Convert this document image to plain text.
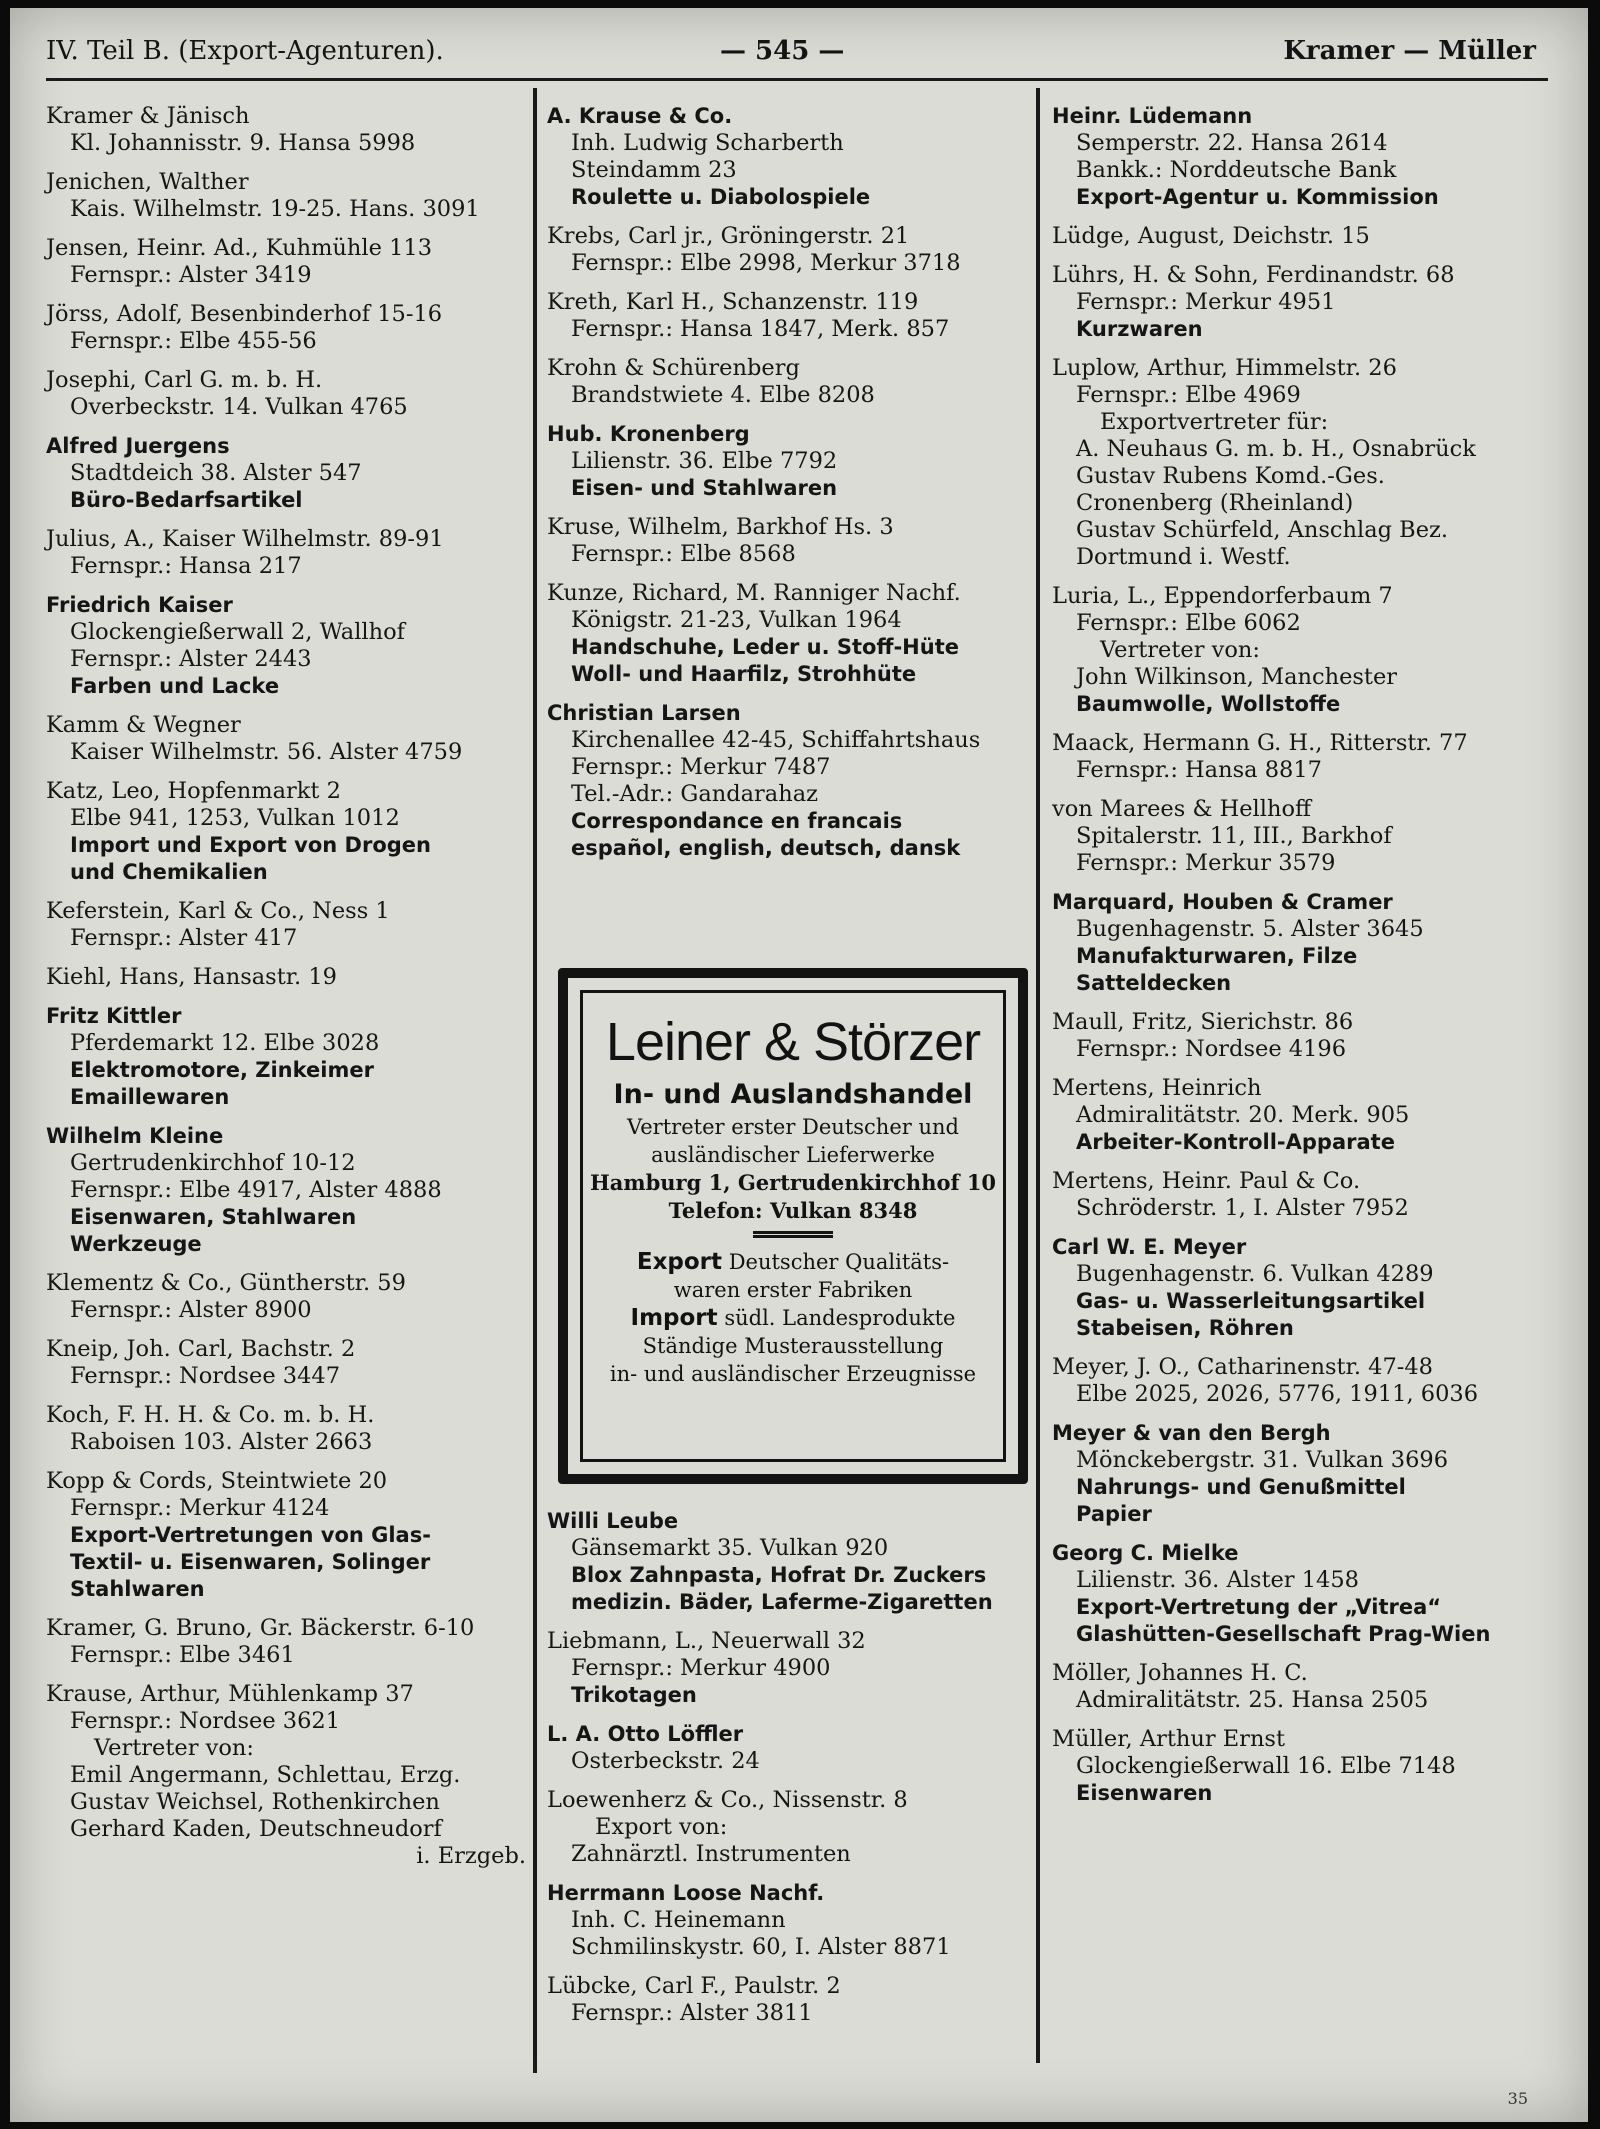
IV. Teil B. (Export-Agenturen).	— 545 —	Kramer — Müller
Kramer & Jänisch
Kl. Johannisstr. 9. Hansa 5998
Jenichen, Walther
Kais. Wilhelmstr. 19-25. Hans. 3091
Jensen, Heinr. Ad., Kuhmühle 113
Fernspr.: Alster 3419
Jörss, Adolf, Besenbinderhof 15-16
Fernspr.: Elbe 455-56
Josephi, Carl G. m. b. H.
Overbeckstr. 14. Vulkan 4765
Alfred Juergens
Stadtdeich 38. Alster 547
Büro-Bedarfsartikel
Julius, A., Kaiser Wilhelmstr. 89-91
Fernspr.: Hansa 217
Friedrich Kaiser
Glockengießerwall 2, Wallhof
Fernspr.: Alster 2443
Farben und Lacke
Kamm & Wegner
Kaiser Wilhelmstr. 56. Alster 4759
Katz, Leo, Hopfenmarkt 2
Elbe 941, 1253, Vulkan 1012
Import und Export von Drogen
und Chemikalien
Keferstein, Karl & Co., Ness 1
Fernspr.: Alster 417
Kiehl, Hans, Hansastr. 19
Fritz Kittler
Pferdemarkt 12. Elbe 3028
Elektromotore, Zinkeimer
Emaillewaren
Wilhelm Kleine
Gertrudenkirchhof 10-12
Fernspr.: Elbe 4917, Alster 4888
Eisenwaren, Stahlwaren
Werkzeuge
Klementz & Co., Güntherstr. 59
Fernspr.: Alster 8900
Kneip, Joh. Carl, Bachstr. 2
Fernspr.: Nordsee 3447
Koch, F. H. H. & Co. m. b. H.
Raboisen 103. Alster 2663
Kopp & Cords, Steintwiete 20
Fernspr.: Merkur 4124
Export-Vertretungen von Glas-
Textil- u. Eisenwaren, Solinger
Stahlwaren
Kramer, G. Bruno, Gr. Bäckerstr. 6-10
Fernspr.: Elbe 3461
Krause, Arthur, Mühlenkamp 37
Fernspr.: Nordsee 3621
Vertreter von:
Emil Angermann, Schlettau, Erzg.
Gustav Weichsel, Rothenkirchen
Gerhard Kaden, Deutschneudorf
i. Erzgeb.
A. Krause & Co.
Inh. Ludwig Scharberth
Steindamm 23
Roulette u. Diabolospiele
Krebs, Carl jr., Gröningerstr. 21
Fernspr.: Elbe 2998, Merkur 3718
Kreth, Karl H., Schanzenstr. 119
Fernspr.: Hansa 1847, Merk. 857
Krohn & Schürenberg
Brandstwiete 4. Elbe 8208
Hub. Kronenberg
Lilienstr. 36. Elbe 7792
Eisen- und Stahlwaren
Kruse, Wilhelm, Barkhof Hs. 3
Fernspr.: Elbe 8568
Kunze, Richard, M. Ranniger Nachf.
Königstr. 21-23, Vulkan 1964
Handschuhe, Leder u. Stoff-Hüte
Woll- und Haarfilz, Strohhüte
Christian Larsen
Kirchenallee 42-45, Schiffahrtshaus
Fernspr.: Merkur 7487
Tel.-Adr.: Gandarahaz
Correspondance en francais
español, english, deutsch, dansk
Willi Leube
Gänsemarkt 35. Vulkan 920
Blox Zahnpasta, Hofrat Dr. Zuckers
medizin. Bäder, Laferme-Zigaretten
Liebmann, L., Neuerwall 32
Fernspr.: Merkur 4900
Trikotagen
L. A. Otto Löffler
Osterbeckstr. 24
Loewenherz & Co., Nissenstr. 8
Export von:
Zahnärztl. Instrumenten
Herrmann Loose Nachf.
Inh. C. Heinemann
Schmilinskystr. 60, I. Alster 8871
Lübcke, Carl F., Paulstr. 2
Fernspr.: Alster 3811
Heinr. Lüdemann
Semperstr. 22. Hansa 2614
Bankk.: Norddeutsche Bank
Export-Agentur u. Kommission
Lüdge, August, Deichstr. 15
Lührs, H. & Sohn, Ferdinandstr. 68
Fernspr.: Merkur 4951
Kurzwaren
Luplow, Arthur, Himmelstr. 26
Fernspr.: Elbe 4969
Exportvertreter für:
A. Neuhaus G. m. b. H., Osnabrück
Gustav Rubens Komd.-Ges.
Cronenberg (Rheinland)
Gustav Schürfeld, Anschlag Bez.
Dortmund i. Westf.
Luria, L., Eppendorferbaum 7
Fernspr.: Elbe 6062
Vertreter von:
John Wilkinson, Manchester
Baumwolle, Wollstoffe
Maack, Hermann G. H., Ritterstr. 77
Fernspr.: Hansa 8817
von Marees & Hellhoff
Spitalerstr. 11, III., Barkhof
Fernspr.: Merkur 3579
Marquard, Houben & Cramer
Bugenhagenstr. 5. Alster 3645
Manufakturwaren, Filze
Satteldecken
Maull, Fritz, Sierichstr. 86
Fernspr.: Nordsee 4196
Mertens, Heinrich
Admiralitätstr. 20. Merk. 905
Arbeiter-Kontroll-Apparate
Mertens, Heinr. Paul & Co.
Schröderstr. 1, I. Alster 7952
Carl W. E. Meyer
Bugenhagenstr. 6. Vulkan 4289
Gas- u. Wasserleitungsartikel
Stabeisen, Röhren
Meyer, J. O., Catharinenstr. 47-48
Elbe 2025, 2026, 5776, 1911, 6036
Meyer & van den Bergh
Mönckebergstr. 31. Vulkan 3696
Nahrungs- und Genußmittel
Papier
Georg C. Mielke
Lilienstr. 36. Alster 1458
Export-Vertretung der „Vitrea“
Glashütten-Gesellschaft Prag-Wien
Möller, Johannes H. C.
Admiralitätstr. 25. Hansa 2505
Müller, Arthur Ernst
Glockengießerwall 16. Elbe 7148
Eisenwaren
Leiner & Störzer
In- und Auslandshandel
Vertreter erster Deutscher und
ausländischer Lieferwerke
Hamburg 1, Gertrudenkirchhof 10
Telefon: Vulkan 8348
Export Deutscher Qualitäts-
waren erster Fabriken
Import südl. Landesprodukte
Ständige Musterausstellung
in- und ausländischer Erzeugnisse
35
